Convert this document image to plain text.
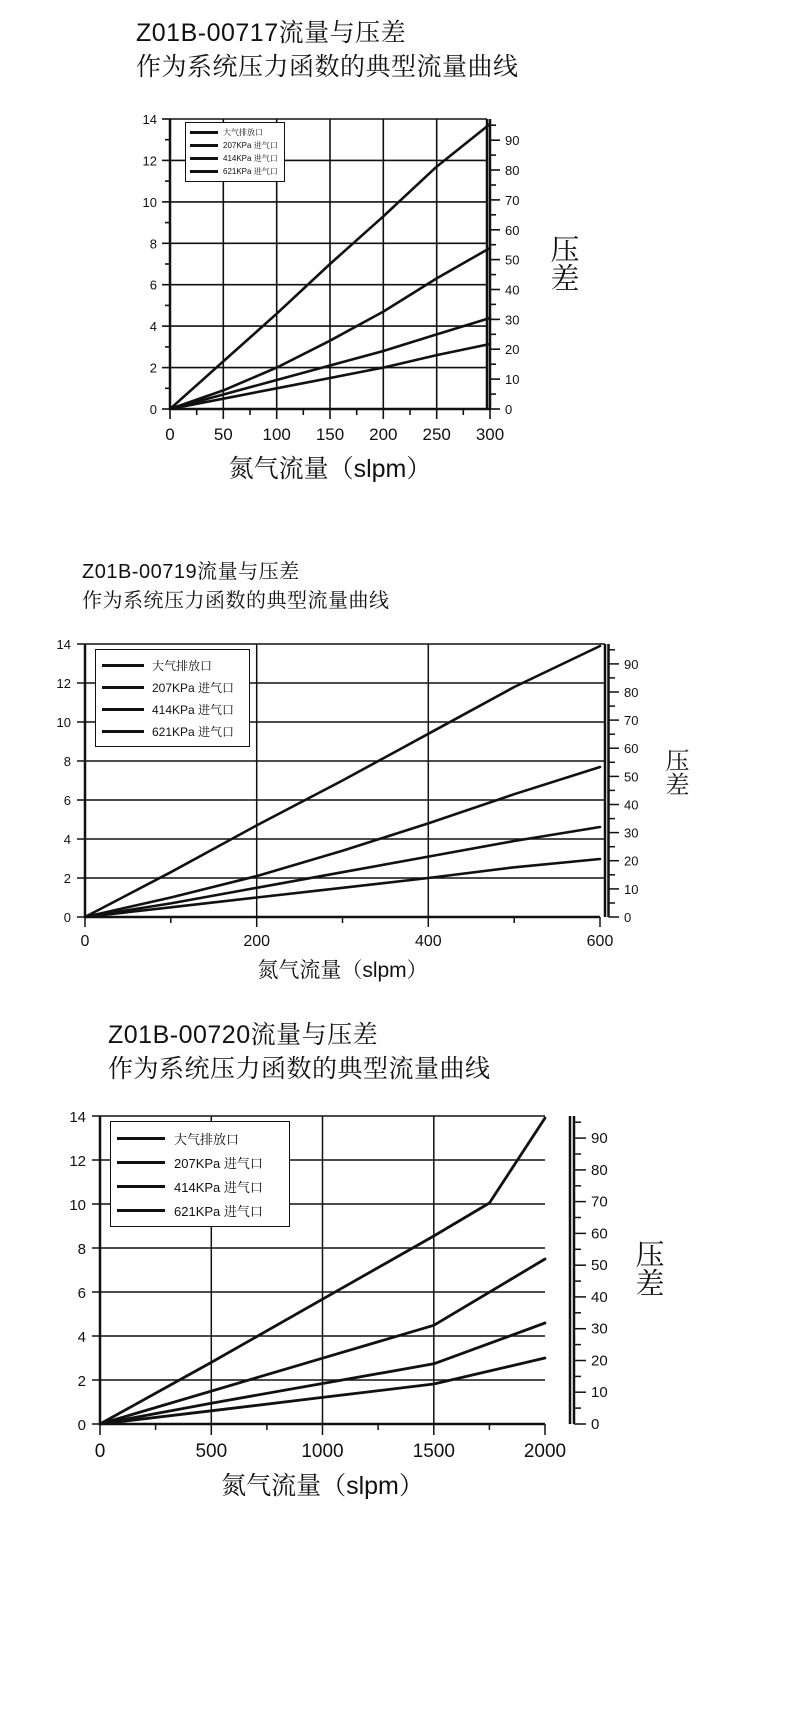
Z01B-00717流量与压差
作为系统压力函数的典型流量曲线
14
12
10
8
6
4
2
0
90
80
70
60
50
40
30
20
10
0
0 50 100 150 200 250 300
大气排放口
207KPa 进气口
414KPa 进气口
621KPa 进气口
压差
氮气流量（slpm）
Z01B-00719流量与压差
作为系统压力函数的典型流量曲线
14
12
10
8
6
4
2
0
90
80
70
60
50
40
30
20
10
0
0	200	400	600
大气排放口
207KPa 进气口
414KPa 进气口
621KPa 进气口
压差
氮气流量（slpm）
Z01B-00720流量与压差
作为系统压力函数的典型流量曲线
14
12
10
8
6
4
2
0
90
80
70
60
50
40
30
20
10
0
0	500	1000	1500	2000
大气排放口
207KPa 进气口
414KPa 进气口
621KPa 进气口
压差
氮气流量（slpm）
